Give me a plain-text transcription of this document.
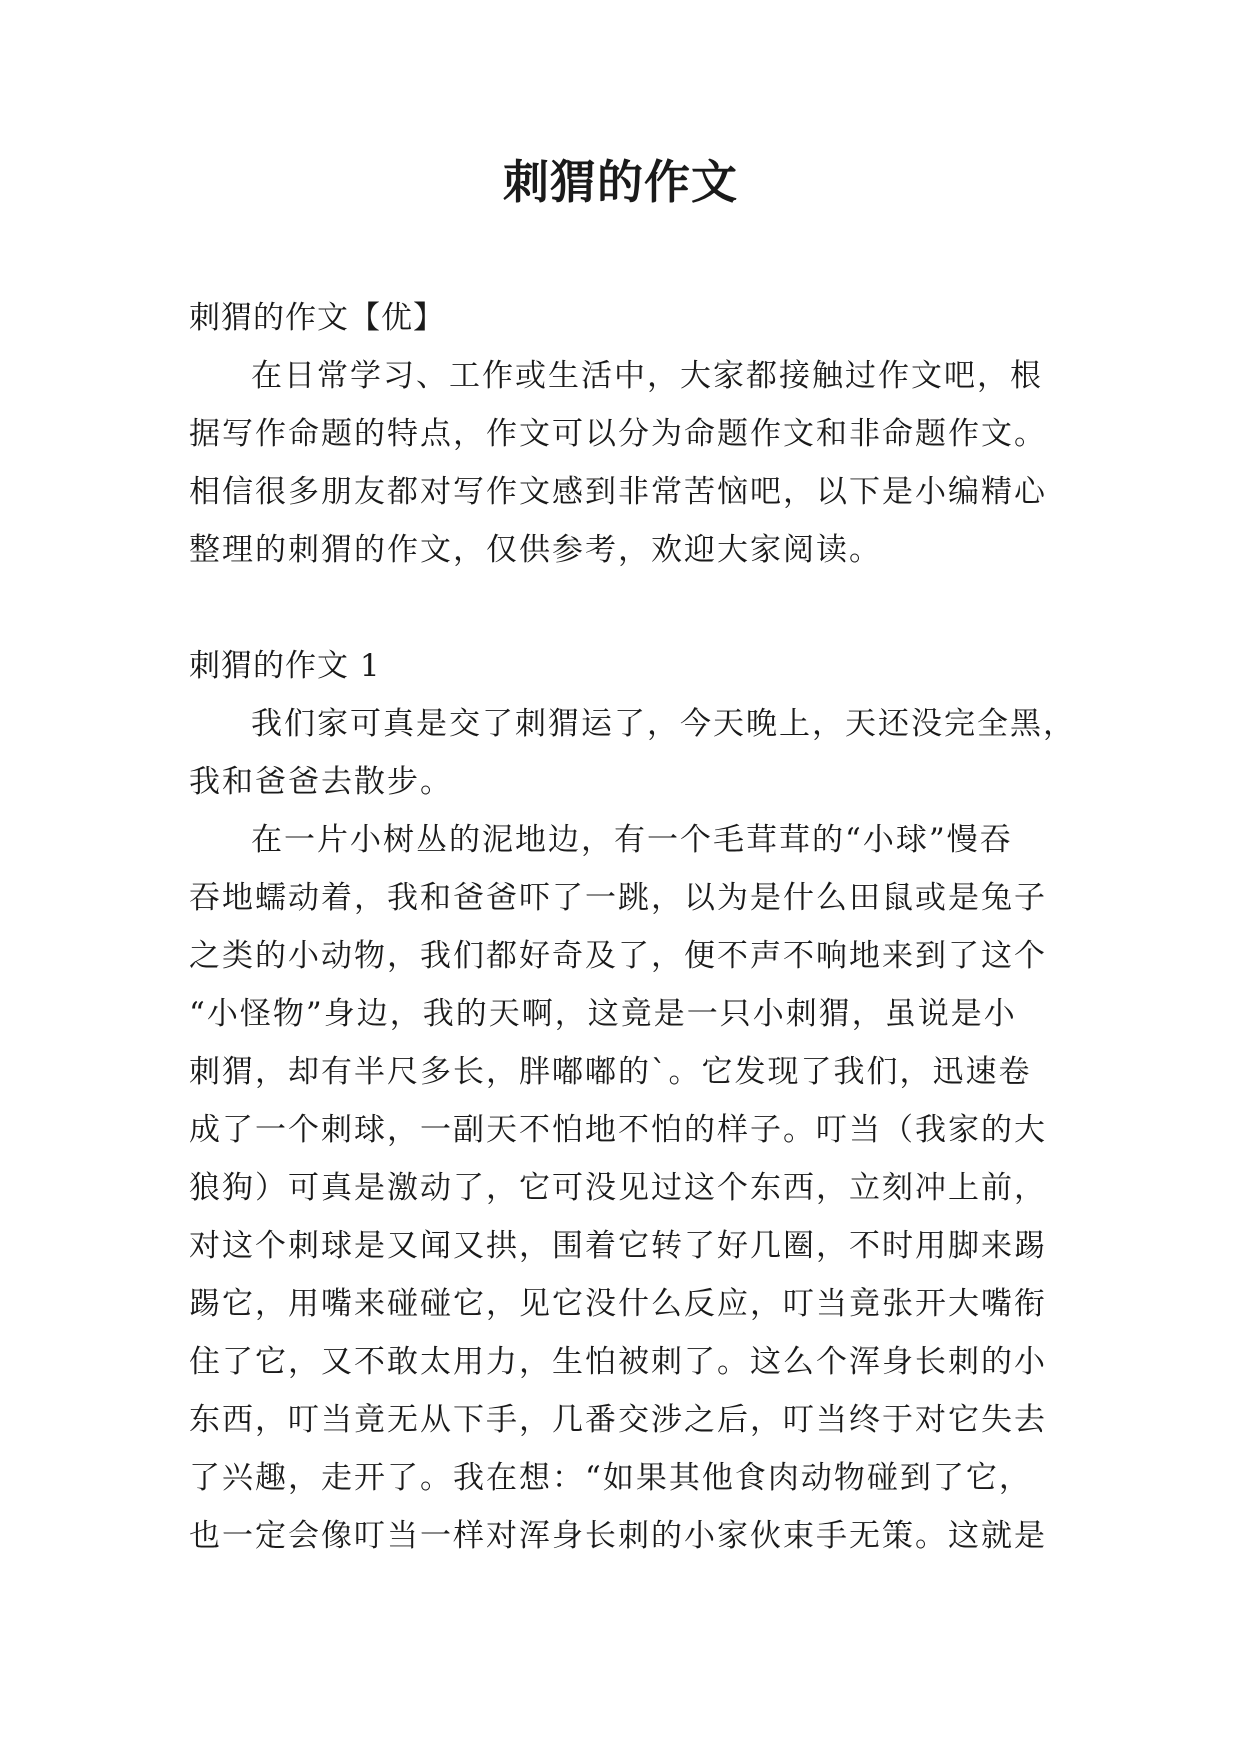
刺猬的作文
刺猬的作文【优】
在日常学习、工作或生活中，大家都接触过作文吧，根
据写作命题的特点，作文可以分为命题作文和非命题作文。
相信很多朋友都对写作文感到非常苦恼吧，以下是小编精心
整理的刺猬的作文，仅供参考，欢迎大家阅读。
刺猬的作文 1
我们家可真是交了刺猬运了，今天晚上，天还没完全黑，
我和爸爸去散步。
在一片小树丛的泥地边，有一个毛茸茸的“小球”慢吞
吞地蠕动着，我和爸爸吓了一跳，以为是什么田鼠或是兔子
之类的小动物，我们都好奇及了，便不声不响地来到了这个
“小怪物”身边，我的天啊，这竟是一只小刺猬，虽说是小
刺猬，却有半尺多长，胖嘟嘟的`。它发现了我们，迅速卷
成了一个刺球，一副天不怕地不怕的样子。叮当（我家的大
狼狗）可真是激动了，它可没见过这个东西，立刻冲上前，
对这个刺球是又闻又拱，围着它转了好几圈，不时用脚来踢
踢它，用嘴来碰碰它，见它没什么反应，叮当竟张开大嘴衔
住了它，又不敢太用力，生怕被刺了。这么个浑身长刺的小
东西，叮当竟无从下手，几番交涉之后，叮当终于对它失去
了兴趣，走开了。我在想：“如果其他食肉动物碰到了它，
也一定会像叮当一样对浑身长刺的小家伙束手无策。这就是
